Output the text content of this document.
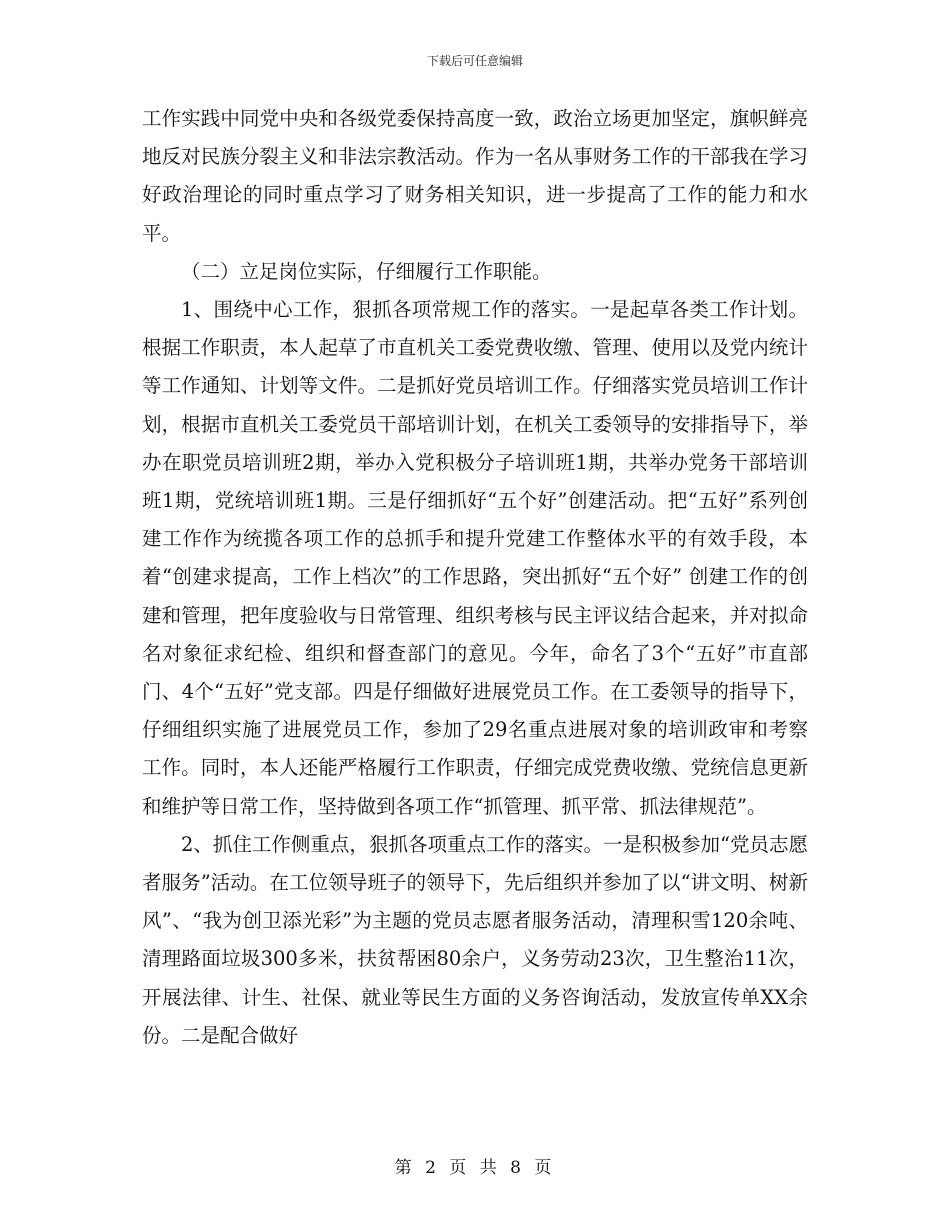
下载后可任意编辑

工作实践中同党中央和各级党委保持高度一致，政治立场更加坚定，旗帜鲜亮地反对民族分裂主义和非法宗教活动。作为一名从事财务工作的干部我在学习好政治理论的同时重点学习了财务相关知识，进一步提高了工作的能力和水平。

（二）立足岗位实际，仔细履行工作职能。

1、围绕中心工作，狠抓各项常规工作的落实。一是起草各类工作计划。根据工作职责，本人起草了市直机关工委党费收缴、管理、使用以及党内统计等工作通知、计划等文件。二是抓好党员培训工作。仔细落实党员培训工作计划，根据市直机关工委党员干部培训计划，在机关工委领导的安排指导下，举办在职党员培训班2期，举办入党积极分子培训班1期，共举办党务干部培训班1期，党统培训班1期。三是仔细抓好“五个好”创建活动。把“五好”系列创建工作作为统揽各项工作的总抓手和提升党建工作整体水平的有效手段，本着“创建求提高，工作上档次”的工作思路，突出抓好“五个好” 创建工作的创建和管理，把年度验收与日常管理、组织考核与民主评议结合起来，并对拟命名对象征求纪检、组织和督查部门的意见。今年，命名了3个“五好”市直部门、4个“五好”党支部。四是仔细做好进展党员工作。在工委领导的指导下，仔细组织实施了进展党员工作，参加了29名重点进展对象的培训政审和考察工作。同时，本人还能严格履行工作职责，仔细完成党费收缴、党统信息更新和维护等日常工作，坚持做到各项工作“抓管理、抓平常、抓法律规范”。

2、抓住工作侧重点，狠抓各项重点工作的落实。一是积极参加“党员志愿者服务”活动。在工位领导班子的领导下，先后组织并参加了以“讲文明、树新风”、“我为创卫添光彩”为主题的党员志愿者服务活动，清理积雪120余吨、清理路面垃圾300多米，扶贫帮困80余户，义务劳动23次，卫生整治11次，开展法律、计生、社保、就业等民生方面的义务咨询活动，发放宣传单XX余份。二是配合做好

第 2 页 共 8 页
